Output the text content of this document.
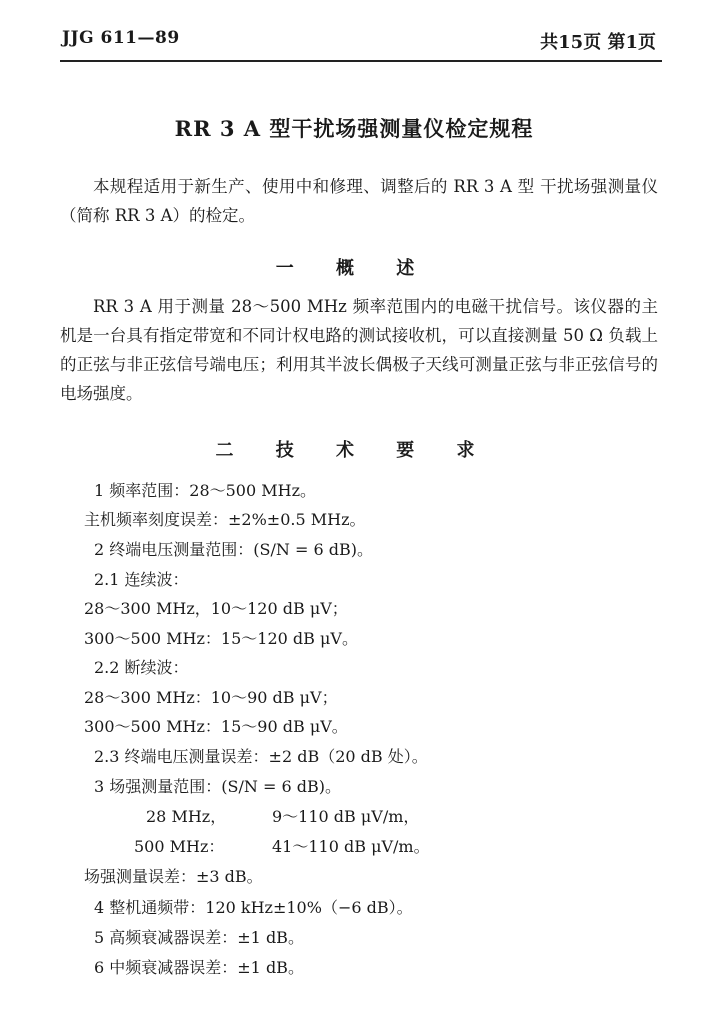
JJG 611—89	共15页 第1页
RR 3 A 型干扰场强测量仪检定规程
本规程适用于新生产、使用中和修理、调整后的 RR 3 A 型 干扰场强测量仪（简称 RR 3 A）的检定。
一 概 述
RR 3 A 用于测量 28～500 MHz 频率范围内的电磁干扰信号。该仪器的主机是一台具有指定带宽和不同计权电路的测试接收机，可以直接测量 50 Ω 负载上的正弦与非正弦信号端电压；利用其半波长偶极子天线可测量正弦与非正弦信号的电场强度。
二 技 术 要 求
1 频率范围：28～500 MHz。
主机频率刻度误差：±2%±0.5 MHz。
2 终端电压测量范围：(S/N = 6 dB)。
2.1 连续波：
28～300 MHz，10～120 dB μV；
300～500 MHz：15～120 dB μV。
2.2 断续波：
28～300 MHz：10～90 dB μV；
300～500 MHz：15～90 dB μV。
2.3 终端电压测量误差：±2 dB（20 dB 处）。
3 场强测量范围：(S/N = 6 dB)。
28 MHz，	9～110 dB μV/m，
500 MHz：	41～110 dB μV/m。
场强测量误差：±3 dB。
4 整机通频带：120 kHz±10%（−6 dB）。
5 高频衰减器误差：±1 dB。
6 中频衰减器误差：±1 dB。
